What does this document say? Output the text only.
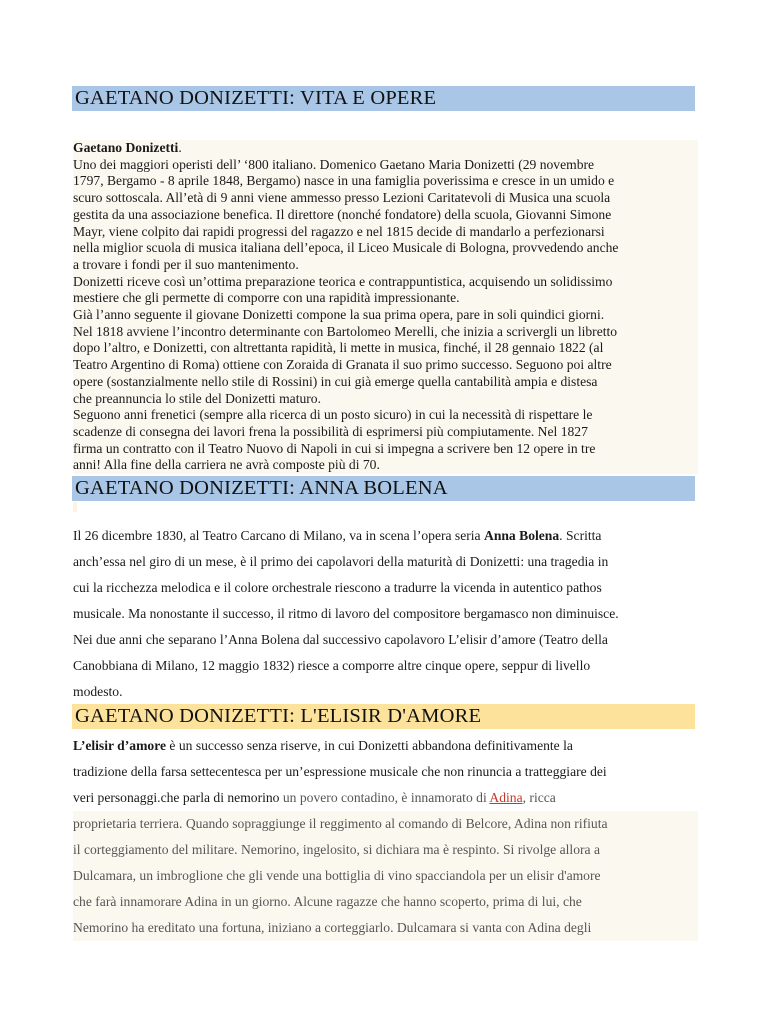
GAETANO DONIZETTI: VITA E OPERE
Gaetano Donizetti.
Uno dei maggiori operisti dell’ ‘800 italiano. Domenico Gaetano Maria Donizetti (29 novembre
1797, Bergamo - 8 aprile 1848, Bergamo) nasce in una famiglia poverissima e cresce in un umido e
scuro sottoscala. All’età di 9 anni viene ammesso presso Lezioni Caritatevoli di Musica una scuola
gestita da una associazione benefica. Il direttore (nonché fondatore) della scuola, Giovanni Simone
Mayr, viene colpito dai rapidi progressi del ragazzo e nel 1815 decide di mandarlo a perfezionarsi
nella miglior scuola di musica italiana dell’epoca, il Liceo Musicale di Bologna, provvedendo anche
a trovare i fondi per il suo mantenimento.
Donizetti riceve così un’ottima preparazione teorica e contrappuntistica, acquisendo un solidissimo
mestiere che gli permette di comporre con una rapidità impressionante.
Già l’anno seguente il giovane Donizetti compone la sua prima opera, pare in soli quindici giorni.
Nel 1818 avviene l’incontro determinante con Bartolomeo Merelli, che inizia a scrivergli un libretto
dopo l’altro, e Donizetti, con altrettanta rapidità, li mette in musica, finché, il 28 gennaio 1822 (al
Teatro Argentino di Roma) ottiene con Zoraida di Granata il suo primo successo. Seguono poi altre
opere (sostanzialmente nello stile di Rossini) in cui già emerge quella cantabilità ampia e distesa
che preannuncia lo stile del Donizetti maturo.
Seguono anni frenetici (sempre alla ricerca di un posto sicuro) in cui la necessità di rispettare le
scadenze di consegna dei lavori frena la possibilità di esprimersi più compiutamente. Nel 1827
firma un contratto con il Teatro Nuovo di Napoli in cui si impegna a scrivere ben 12 opere in tre
anni! Alla fine della carriera ne avrà composte più di 70.
GAETANO DONIZETTI: ANNA BOLENA
Il 26 dicembre 1830, al Teatro Carcano di Milano, va in scena l’opera seria Anna Bolena. Scritta
anch’essa nel giro di un mese, è il primo dei capolavori della maturità di Donizetti: una tragedia in
cui la ricchezza melodica e il colore orchestrale riescono a tradurre la vicenda in autentico pathos
musicale. Ma nonostante il successo, il ritmo di lavoro del compositore bergamasco non diminuisce.
Nei due anni che separano l’Anna Bolena dal successivo capolavoro L’elisir d’amore (Teatro della
Canobbiana di Milano, 12 maggio 1832) riesce a comporre altre cinque opere, seppur di livello
modesto.
GAETANO DONIZETTI: L'ELISIR D'AMORE
L’elisir d’amore è un successo senza riserve, in cui Donizetti abbandona definitivamente la
tradizione della farsa settecentesca per un’espressione musicale che non rinuncia a tratteggiare dei
veri personaggi.che parla di nemorino un povero contadino, è innamorato di Adina, ricca
proprietaria terriera. Quando sopraggiunge il reggimento al comando di Belcore, Adina non rifiuta
il corteggiamento del militare. Nemorino, ingelosito, si dichiara ma è respinto. Si rivolge allora a
Dulcamara, un imbroglione che gli vende una bottiglia di vino spacciandola per un elisir d'amore
che farà innamorare Adina in un giorno. Alcune ragazze che hanno scoperto, prima di lui, che
Nemorino ha ereditato una fortuna, iniziano a corteggiarlo. Dulcamara si vanta con Adina degli
